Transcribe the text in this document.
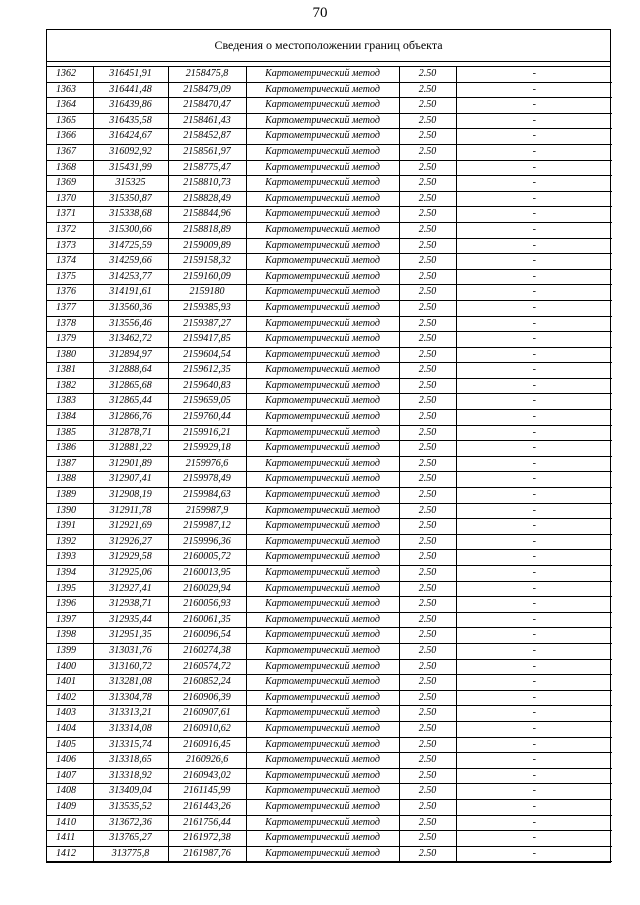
70
Сведения о местоположении границ объекта
1362	316451,91	2158475,8	Картометрический метод	2.50	-
1363	316441,48	2158479,09	Картометрический метод	2.50	-
1364	316439,86	2158470,47	Картометрический метод	2.50	-
1365	316435,58	2158461,43	Картометрический метод	2.50	-
1366	316424,67	2158452,87	Картометрический метод	2.50	-
1367	316092,92	2158561,97	Картометрический метод	2.50	-
1368	315431,99	2158775,47	Картометрический метод	2.50	-
1369	315325	2158810,73	Картометрический метод	2.50	-
1370	315350,87	2158828,49	Картометрический метод	2.50	-
1371	315338,68	2158844,96	Картометрический метод	2.50	-
1372	315300,66	2158818,89	Картометрический метод	2.50	-
1373	314725,59	2159009,89	Картометрический метод	2.50	-
1374	314259,66	2159158,32	Картометрический метод	2.50	-
1375	314253,77	2159160,09	Картометрический метод	2.50	-
1376	314191,61	2159180	Картометрический метод	2.50	-
1377	313560,36	2159385,93	Картометрический метод	2.50	-
1378	313556,46	2159387,27	Картометрический метод	2.50	-
1379	313462,72	2159417,85	Картометрический метод	2.50	-
1380	312894,97	2159604,54	Картометрический метод	2.50	-
1381	312888,64	2159612,35	Картометрический метод	2.50	-
1382	312865,68	2159640,83	Картометрический метод	2.50	-
1383	312865,44	2159659,05	Картометрический метод	2.50	-
1384	312866,76	2159760,44	Картометрический метод	2.50	-
1385	312878,71	2159916,21	Картометрический метод	2.50	-
1386	312881,22	2159929,18	Картометрический метод	2.50	-
1387	312901,89	2159976,6	Картометрический метод	2.50	-
1388	312907,41	2159978,49	Картометрический метод	2.50	-
1389	312908,19	2159984,63	Картометрический метод	2.50	-
1390	312911,78	2159987,9	Картометрический метод	2.50	-
1391	312921,69	2159987,12	Картометрический метод	2.50	-
1392	312926,27	2159996,36	Картометрический метод	2.50	-
1393	312929,58	2160005,72	Картометрический метод	2.50	-
1394	312925,06	2160013,95	Картометрический метод	2.50	-
1395	312927,41	2160029,94	Картометрический метод	2.50	-
1396	312938,71	2160056,93	Картометрический метод	2.50	-
1397	312935,44	2160061,35	Картометрический метод	2.50	-
1398	312951,35	2160096,54	Картометрический метод	2.50	-
1399	313031,76	2160274,38	Картометрический метод	2.50	-
1400	313160,72	2160574,72	Картометрический метод	2.50	-
1401	313281,08	2160852,24	Картометрический метод	2.50	-
1402	313304,78	2160906,39	Картометрический метод	2.50	-
1403	313313,21	2160907,61	Картометрический метод	2.50	-
1404	313314,08	2160910,62	Картометрический метод	2.50	-
1405	313315,74	2160916,45	Картометрический метод	2.50	-
1406	313318,65	2160926,6	Картометрический метод	2.50	-
1407	313318,92	2160943,02	Картометрический метод	2.50	-
1408	313409,04	2161145,99	Картометрический метод	2.50	-
1409	313535,52	2161443,26	Картометрический метод	2.50	-
1410	313672,36	2161756,44	Картометрический метод	2.50	-
1411	313765,27	2161972,38	Картометрический метод	2.50	-
1412	313775,8	2161987,76	Картометрический метод	2.50	-
